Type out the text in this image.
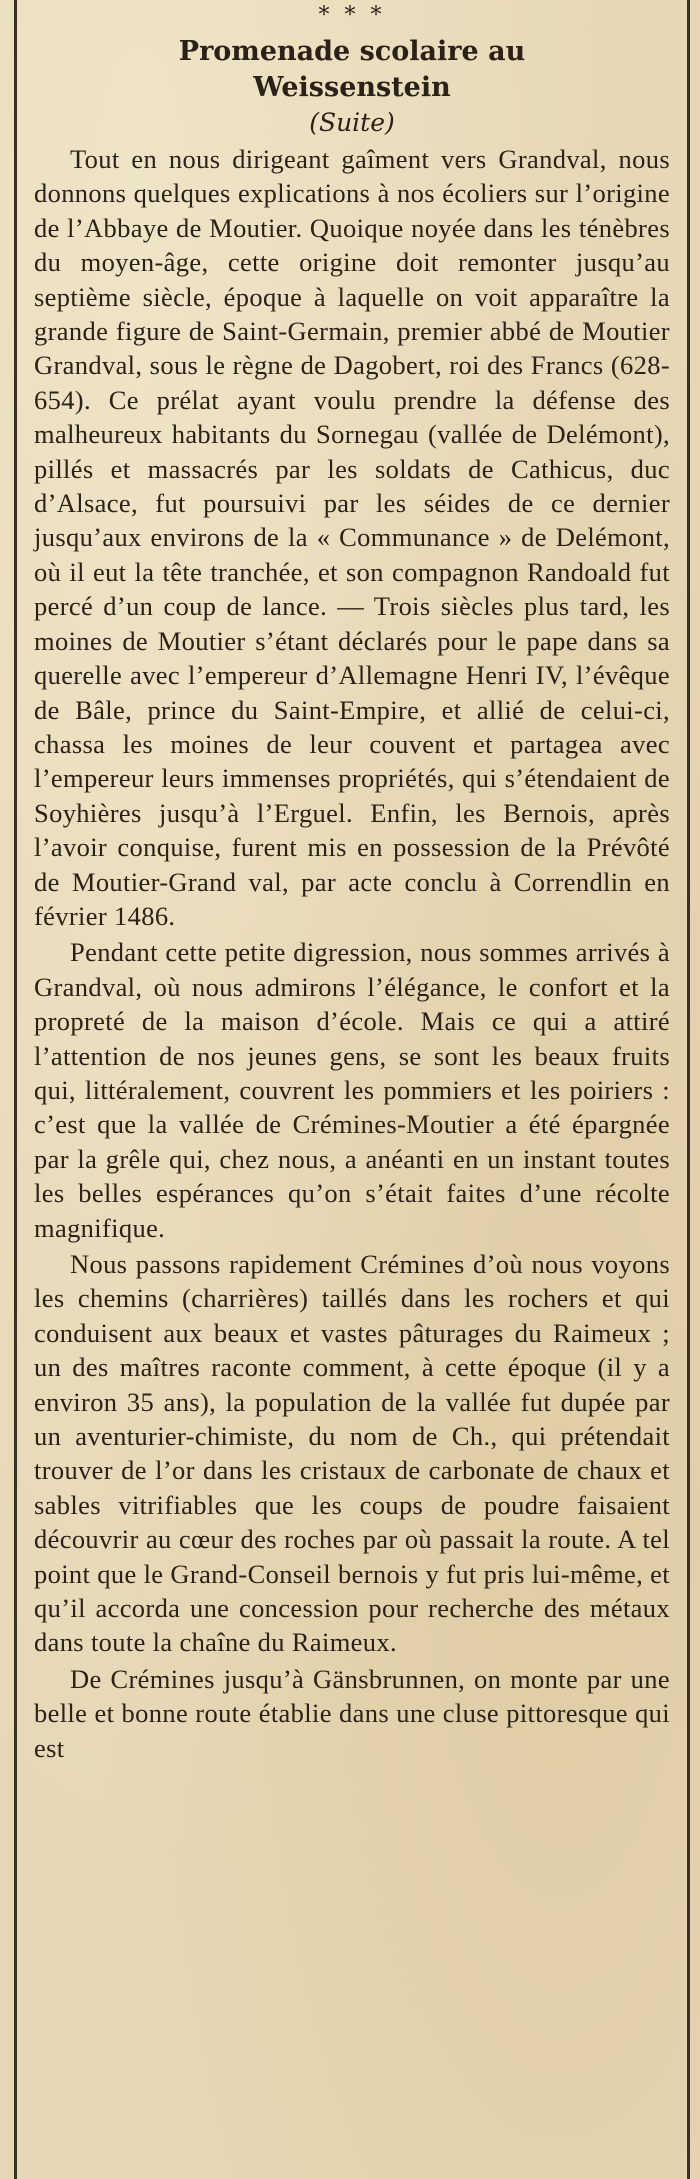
* * *
Promenade scolaire au
Weissenstein
(Suite)

Tout en nous dirigeant gaîment vers Grandval, nous donnons quelques explications à nos écoliers sur l’origine de l’Abbaye de Moutier. Quoique noyée dans les ténèbres du moyen-âge, cette origine doit remonter jusqu’au septième siècle, époque à laquelle on voit apparaître la grande figure de Saint-Germain, premier abbé de Moutier Grandval, sous le règne de Dagobert, roi des Francs (628-654). Ce prélat ayant voulu prendre la défense des malheureux habitants du Sornegau (vallée de Delémont), pillés et massacrés par les soldats de Cathicus, duc d’Alsace, fut poursuivi par les séides de ce dernier jusqu’aux environs de la « Communance » de Delémont, où il eut la tête tranchée, et son compagnon Randoald fut percé d’un coup de lance. — Trois siècles plus tard, les moines de Moutier s’étant déclarés pour le pape dans sa querelle avec l’empereur d’Allemagne Henri IV, l’évêque de Bâle, prince du Saint-Empire, et allié de celui-ci, chassa les moines de leur couvent et partagea avec l’empereur leurs immenses propriétés, qui s’étendaient de Soyhières jusqu’à l’Erguel. Enfin, les Bernois, après l’avoir conquise, furent mis en possession de la Prévôté de Moutier-Grand val, par acte conclu à Correndlin en février 1486.

Pendant cette petite digression, nous sommes arrivés à Grandval, où nous admirons l’élégance, le confort et la propreté de la maison d’école. Mais ce qui a attiré l’attention de nos jeunes gens, se sont les beaux fruits qui, littéralement, couvrent les pommiers et les poiriers : c’est que la vallée de Crémines-Moutier a été épargnée par la grêle qui, chez nous, a anéanti en un instant toutes les belles espérances qu’on s’était faites d’une récolte magnifique.

Nous passons rapidement Crémines d’où nous voyons les chemins (charrières) taillés dans les rochers et qui conduisent aux beaux et vastes pâturages du Raimeux ; un des maîtres raconte comment, à cette époque (il y a environ 35 ans), la population de la vallée fut dupée par un aventurier-chimiste, du nom de Ch., qui prétendait trouver de l’or dans les cristaux de carbonate de chaux et sables vitrifiables que les coups de poudre faisaient découvrir au cœur des roches par où passait la route. A tel point que le Grand-Conseil bernois y fut pris lui-même, et qu’il accorda une concession pour recherche des métaux dans toute la chaîne du Raimeux.

De Crémines jusqu’à Gänsbrunnen, on monte par une belle et bonne route établie dans une cluse pittoresque qui est
